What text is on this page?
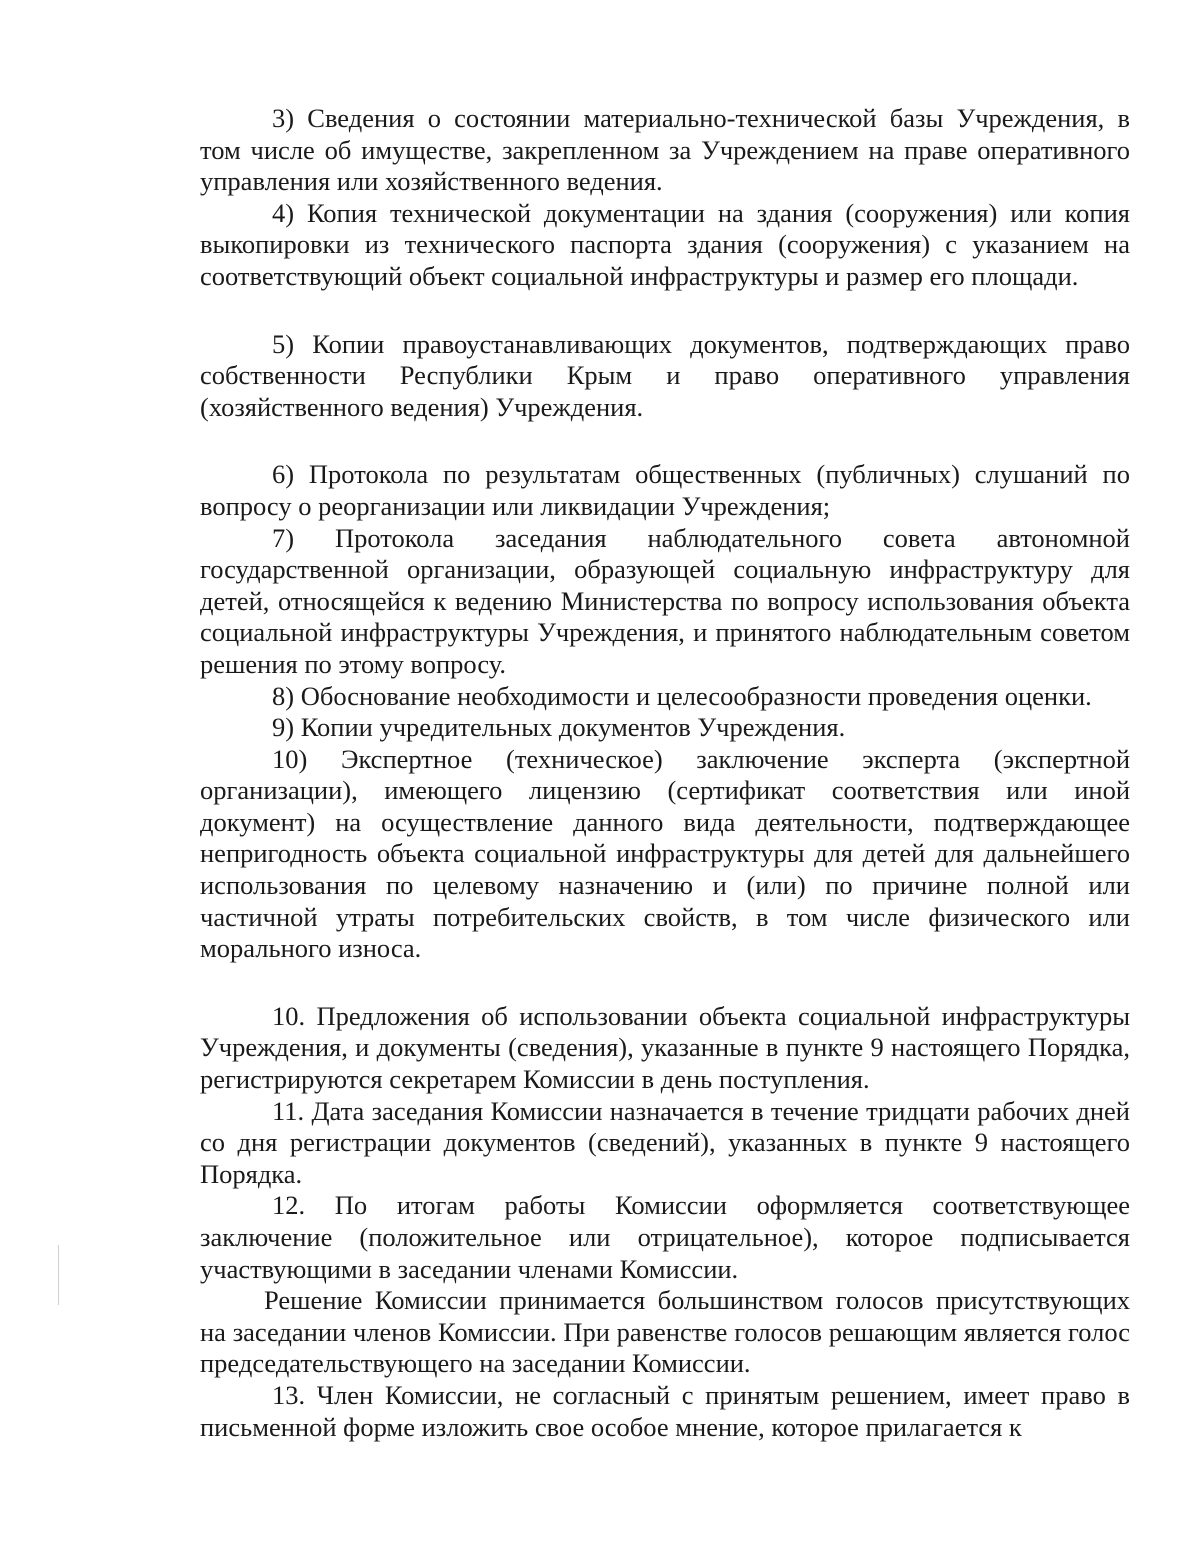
3) Сведения о состоянии материально-технической базы Учреждения, в том числе об имуществе, закрепленном за Учреждением на праве оперативного управления или хозяйственного ведения.

4) Копия технической документации на здания (сооружения) или копия выкопировки из технического паспорта здания (сооружения) с указанием на соответствующий объект социальной инфраструктуры и размер его площади.

5) Копии правоустанавливающих документов, подтверждающих право собственности Республики Крым и право оперативного управления (хозяйственного ведения) Учреждения.

6) Протокола по результатам общественных (публичных) слушаний по вопросу о реорганизации или ликвидации Учреждения;

7) Протокола заседания наблюдательного совета автономной государственной организации, образующей социальную инфраструктуру для детей, относящейся к ведению Министерства по вопросу использования объекта социальной инфраструктуры Учреждения, и принятого наблюдательным советом решения по этому вопросу.

8) Обоснование необходимости и целесообразности проведения оценки.

9) Копии учредительных документов Учреждения.

10) Экспертное (техническое) заключение эксперта (экспертной организации), имеющего лицензию (сертификат соответствия или иной документ) на осуществление данного вида деятельности, подтверждающее непригодность объекта социальной инфраструктуры для детей для дальнейшего использования по целевому назначению и (или) по причине полной или частичной утраты потребительских свойств, в том числе физического или морального износа.

10. Предложения об использовании объекта социальной инфраструктуры Учреждения, и документы (сведения), указанные в пункте 9 настоящего Порядка, регистрируются секретарем Комиссии в день поступления.

11. Дата заседания Комиссии назначается в течение тридцати рабочих дней со дня регистрации документов (сведений), указанных в пункте 9 настоящего Порядка.

12. По итогам работы Комиссии оформляется соответствующее заключение (положительное или отрицательное), которое подписывается участвующими в заседании членами Комиссии.

Решение Комиссии принимается большинством голосов присутствующих на заседании членов Комиссии. При равенстве голосов решающим является голос председательствующего на заседании Комиссии.

13. Член Комиссии, не согласный с принятым решением, имеет право в письменной форме изложить свое особое мнение, которое прилагается к
